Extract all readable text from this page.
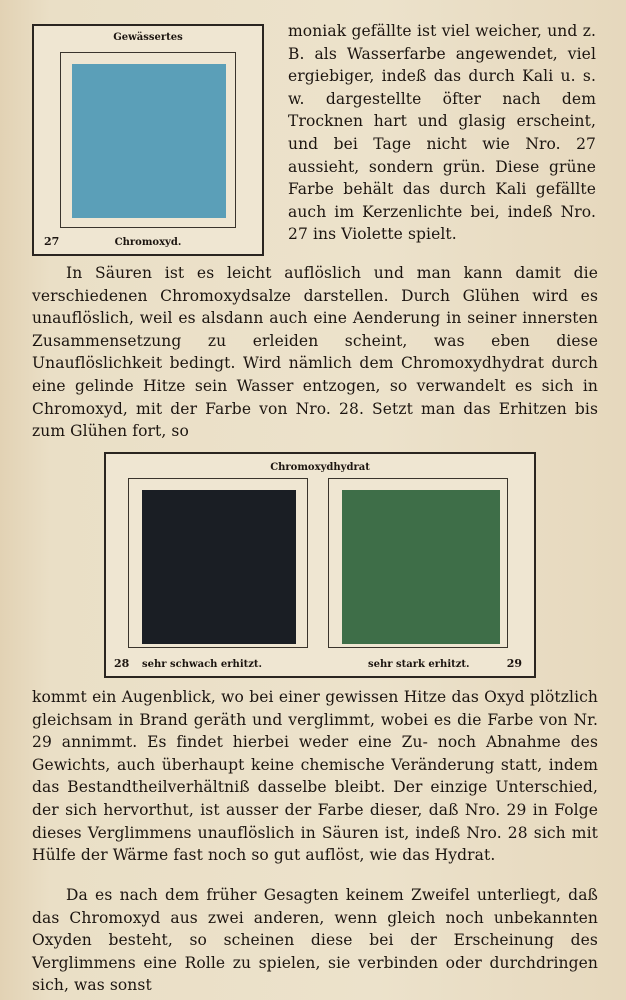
Gewässertes
27	Chromoxyd.

moniak gefällte ist viel weicher, und z. B. als Wasserfarbe angewendet, viel ergiebiger, indeß das durch Kali u. s. w. dargestellte öfter nach dem Trocknen hart und glasig erscheint, und bei Tage nicht wie Nro. 27 aussieht, sondern grün. Diese grüne Farbe behält das durch Kali gefällte auch im Kerzenlichte bei, indeß Nro. 27 ins Violette spielt.

In Säuren ist es leicht auflöslich und man kann damit die verschiedenen Chromoxydsalze darstellen. Durch Glühen wird es unauflöslich, weil es alsdann auch eine Aenderung in seiner innersten Zusammensetzung zu erleiden scheint, was eben diese Unauflöslichkeit bedingt. Wird nämlich dem Chromoxydhydrat durch eine gelinde Hitze sein Wasser entzogen, so verwandelt es sich in Chromoxyd, mit der Farbe von Nro. 28. Setzt man das Erhitzen bis zum Glühen fort, so

Chromoxydhydrat
28 sehr schwach erhitzt.	sehr stark erhitzt.	29

kommt ein Augenblick, wo bei einer gewissen Hitze das Oxyd plötzlich gleichsam in Brand geräth und verglimmt, wobei es die Farbe von Nr. 29 annimmt. Es findet hierbei weder eine Zu- noch Abnahme des Gewichts, auch überhaupt keine chemische Veränderung statt, indem das Bestandtheilverhältniß dasselbe bleibt. Der einzige Unterschied, der sich hervorthut, ist ausser der Farbe dieser, daß Nro. 29 in Folge dieses Verglimmens unauflöslich in Säuren ist, indeß Nro. 28 sich mit Hülfe der Wärme fast noch so gut auflöst, wie das Hydrat.

Da es nach dem früher Gesagten keinem Zweifel unterliegt, daß das Chromoxyd aus zwei anderen, wenn gleich noch unbekannten Oxyden besteht, so scheinen diese bei der Erscheinung des Verglimmens eine Rolle zu spielen, sie verbinden oder durchdringen sich, was sonst
